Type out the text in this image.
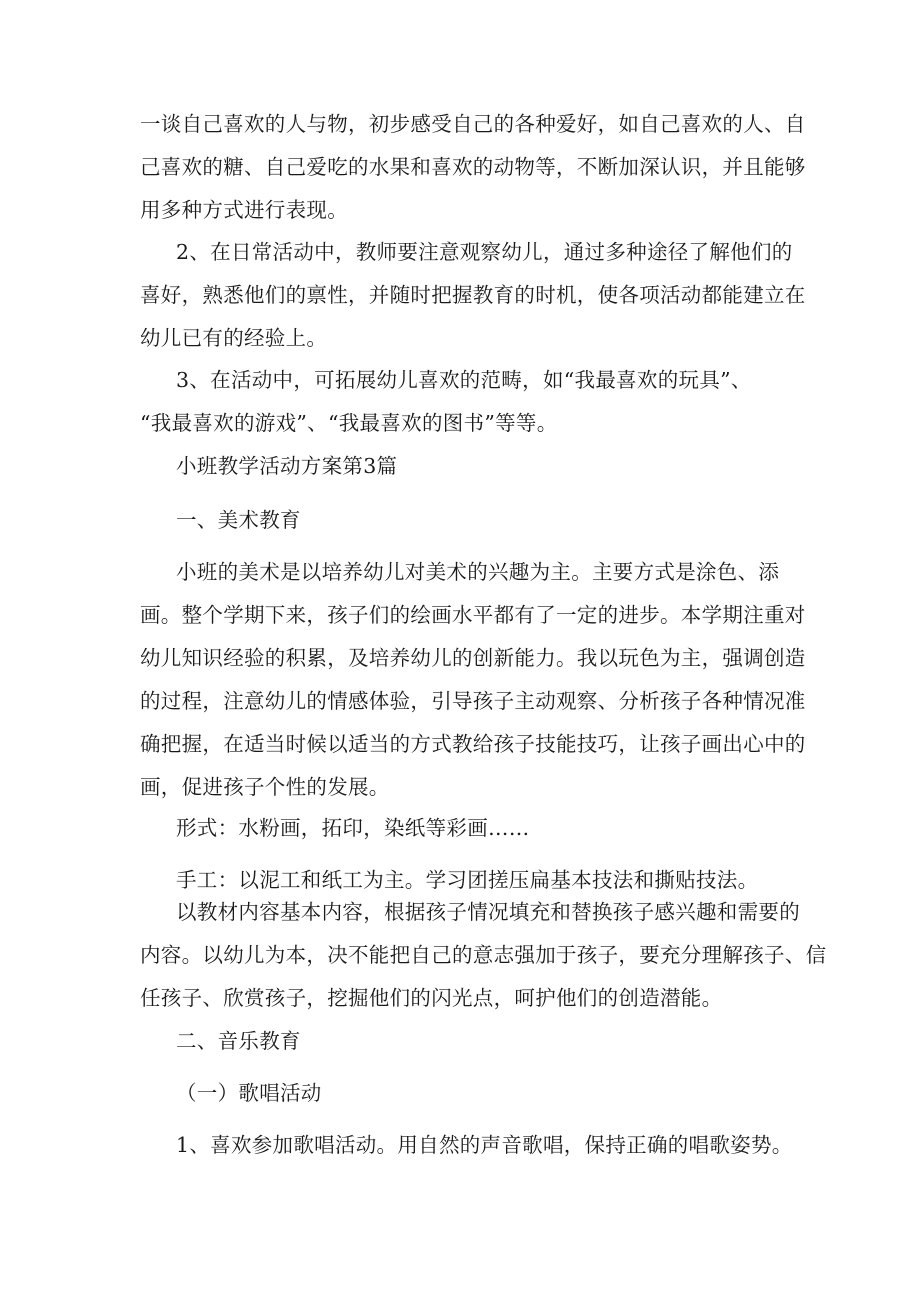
一谈自己喜欢的人与物，初步感受自己的各种爱好，如自己喜欢的人、自
己喜欢的糖、自己爱吃的水果和喜欢的动物等，不断加深认识，并且能够
用多种方式进行表现。

2、在日常活动中，教师要注意观察幼儿，通过多种途径了解他们的
喜好，熟悉他们的禀性，并随时把握教育的时机，使各项活动都能建立在
幼儿已有的经验上。

3、在活动中，可拓展幼儿喜欢的范畴，如“我最喜欢的玩具”、
“我最喜欢的游戏”、“我最喜欢的图书”等等。

小班教学活动方案第3篇

一、美术教育

小班的美术是以培养幼儿对美术的兴趣为主。主要方式是涂色、添
画。整个学期下来，孩子们的绘画水平都有了一定的进步。本学期注重对
幼儿知识经验的积累，及培养幼儿的创新能力。我以玩色为主，强调创造
的过程，注意幼儿的情感体验，引导孩子主动观察、分析孩子各种情况准
确把握，在适当时候以适当的方式教给孩子技能技巧，让孩子画出心中的
画，促进孩子个性的发展。

形式：水粉画，拓印，染纸等彩画……

手工：以泥工和纸工为主。学习团搓压扁基本技法和撕贴技法。

以教材内容基本内容，根据孩子情况填充和替换孩子感兴趣和需要的
内容。以幼儿为本，决不能把自己的意志强加于孩子，要充分理解孩子、信
任孩子、欣赏孩子，挖掘他们的闪光点，呵护他们的创造潜能。

二、音乐教育

（一）歌唱活动

1、喜欢参加歌唱活动。用自然的声音歌唱，保持正确的唱歌姿势。
